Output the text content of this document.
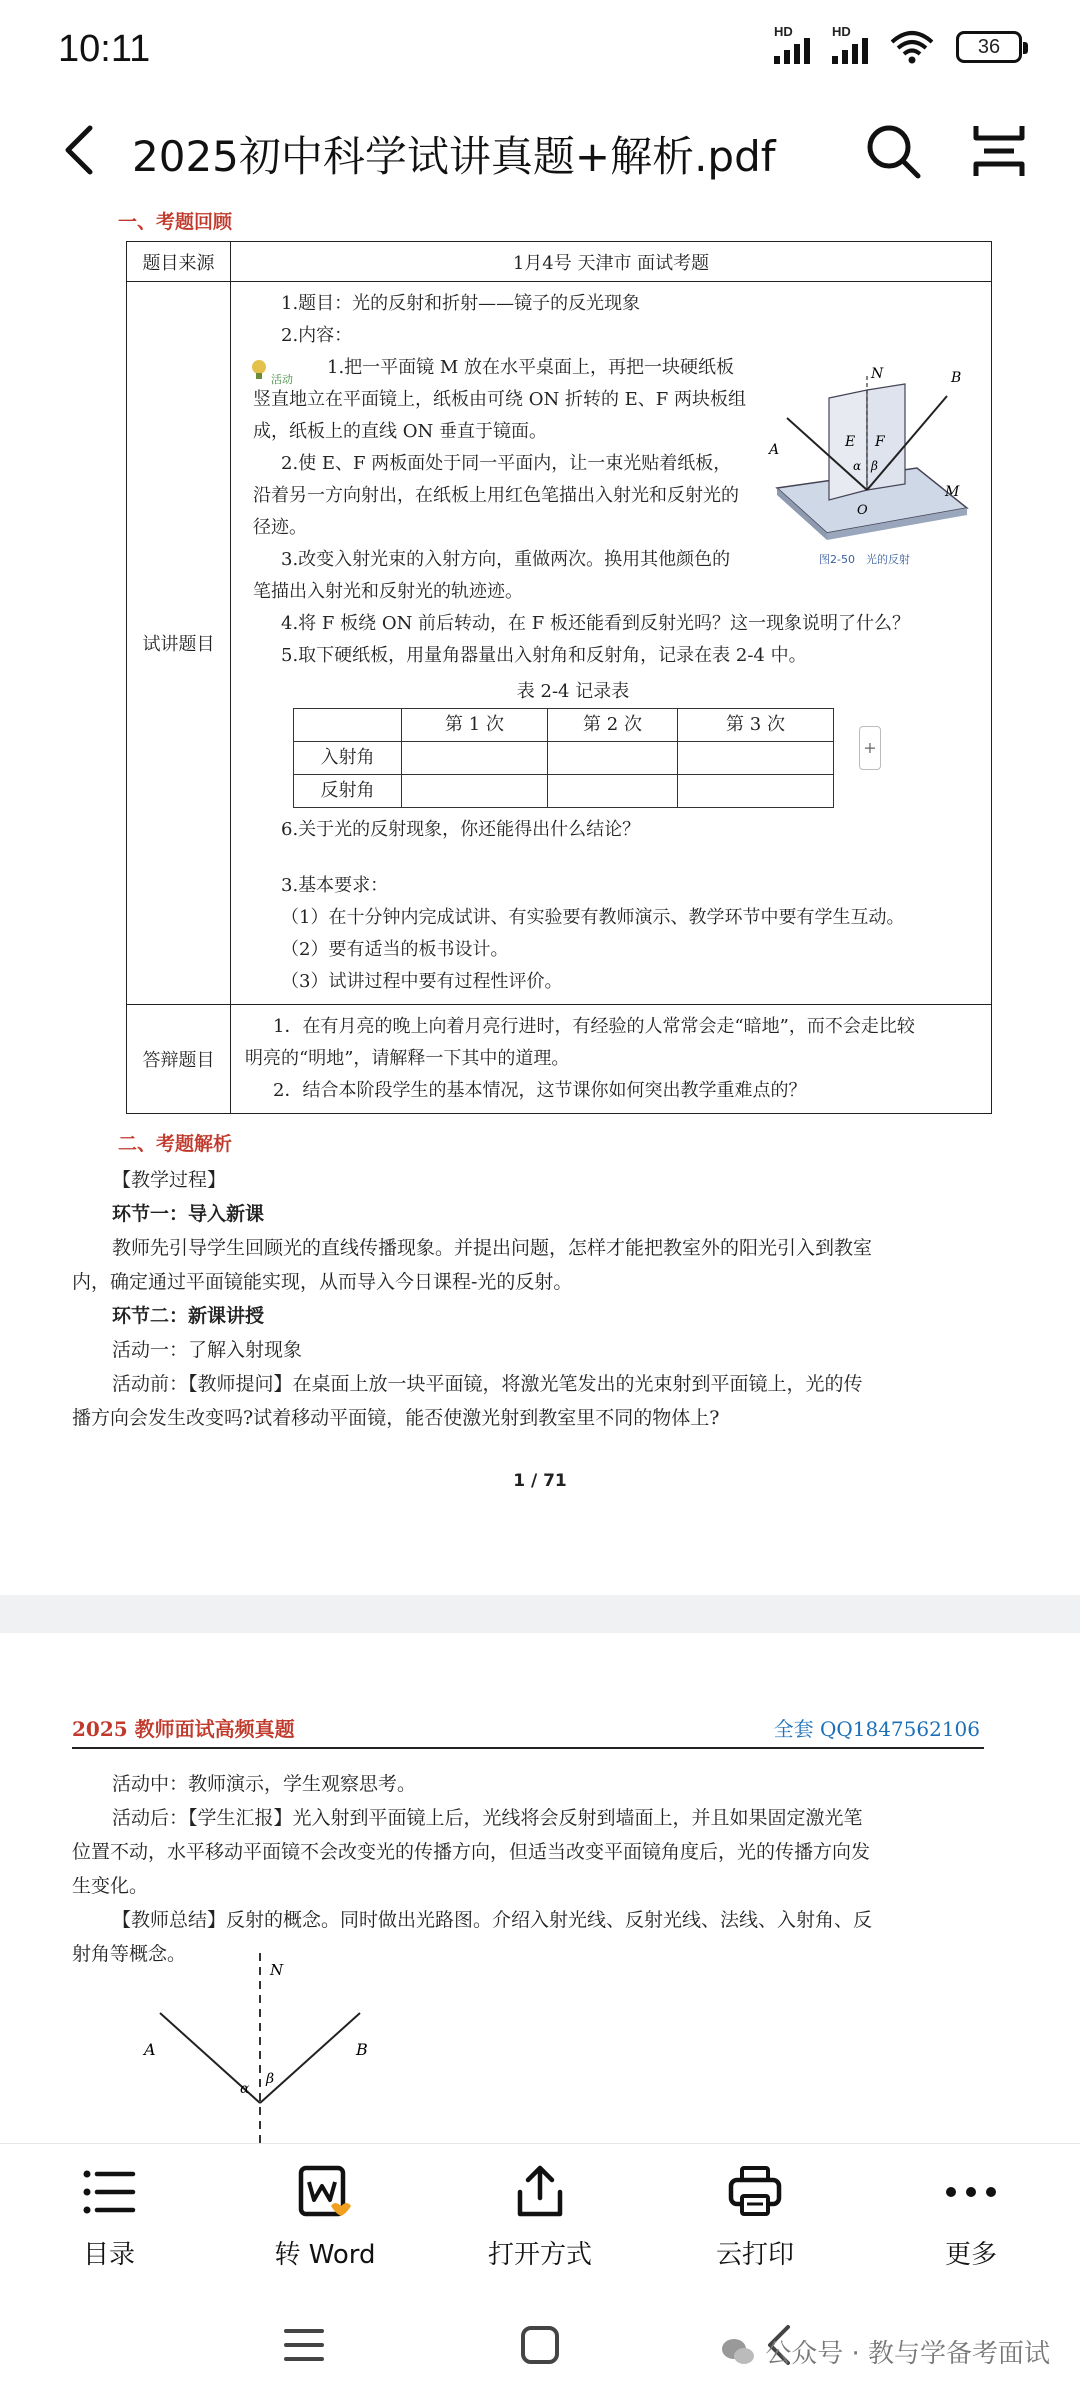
10:11	HD	HD
36
2025初中科学试讲真题+解析.pdf
一、考题回顾
题目来源	1月4号 天津市 面试考题
试讲题目	
1.题目：光的反射和折射——镜子的反光现象
2.内容：
活动
1.把一平面镜 M 放在水平桌面上，再把一块硬纸板
竖直地立在平面镜上，纸板由可绕 ON 折转的 E、F 两块板组
成，纸板上的直线 ON 垂直于镜面。
2.使 E、F 两板面处于同一平面内，让一束光贴着纸板，
沿着另一方向射出，在纸板上用红色笔描出入射光和反射光的
径迹。
3.改变入射光束的入射方向，重做两次。换用其他颜色的
笔描出入射光和反射光的轨迹迹。
N
A
B
E F
α β
M
O
图2-50　光的反射
4.将 F 板绕 ON 前后转动，在 F 板还能看到反射光吗？这一现象说明了什么？
5.取下硬纸板，用量角器量出入射角和反射角，记录在表 2-4 中。
表 2-4 记录表
	第 1 次	第 2 次	第 3 次
入射角			
反射角			
+
6.关于光的反射现象，你还能得出什么结论？
3.基本要求：
（1）在十分钟内完成试讲、有实验要有教师演示、教学环节中要有学生互动。
（2）要有适当的板书设计。
（3）试讲过程中要有过程性评价。

答辩题目	
1．在有月亮的晚上向着月亮行进时，有经验的人常常会走“暗地”，而不会走比较
明亮的“明地”，请解释一下其中的道理。
2．结合本阶段学生的基本情况，这节课你如何突出教学重难点的？
二、考题解析
【教学过程】
环节一：导入新课
教师先引导学生回顾光的直线传播现象。并提出问题，怎样才能把教室外的阳光引入到教室
内，确定通过平面镜能实现，从而导入今日课程-光的反射。
环节二：新课讲授
活动一：了解入射现象
活动前：【教师提问】在桌面上放一块平面镜，将激光笔发出的光束射到平面镜上，光的传
播方向会发生改变吗?试着移动平面镜，能否使激光射到教室里不同的物体上?
1 / 71
2025 教师面试高频真题	全套 QQ1847562106
活动中：教师演示，学生观察思考。
活动后：【学生汇报】光入射到平面镜上后，光线将会反射到墙面上，并且如果固定激光笔
位置不动，水平移动平面镜不会改变光的传播方向，但适当改变平面镜角度后，光的传播方向发
生变化。
【教师总结】反射的概念。同时做出光路图。介绍入射光线、反射光线、法线、入射角、反
射角等概念。
N
A	B
α
β
目录	转 Word	打开方式	云打印	更多
公众号 · 教与学备考面试
